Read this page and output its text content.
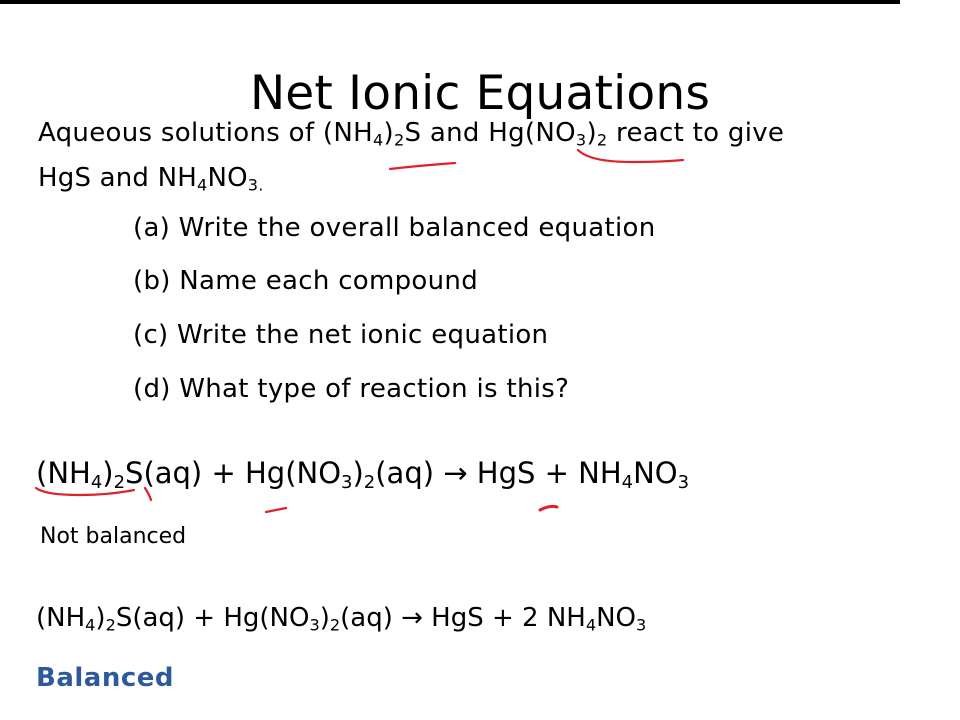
Net Ionic Equations
Aqueous solutions of $(NH_4)_2S$ and $Hg(NO_3)_2$ react to give
HgS and $NH_4NO_{3.}$
(a) Write the overall balanced equation
(b) Name each compound
(c) Write the net ionic equation
(d) What type of reaction is this?
$(NH_4)_2S(aq) + Hg(NO_3)_2(aq)$ → HgS + $NH_4NO_3$
Not balanced
$(NH_4)_2S(aq) + Hg(NO_3)_2(aq)$ → HgS + 2 $NH_4NO_3$
Balanced
